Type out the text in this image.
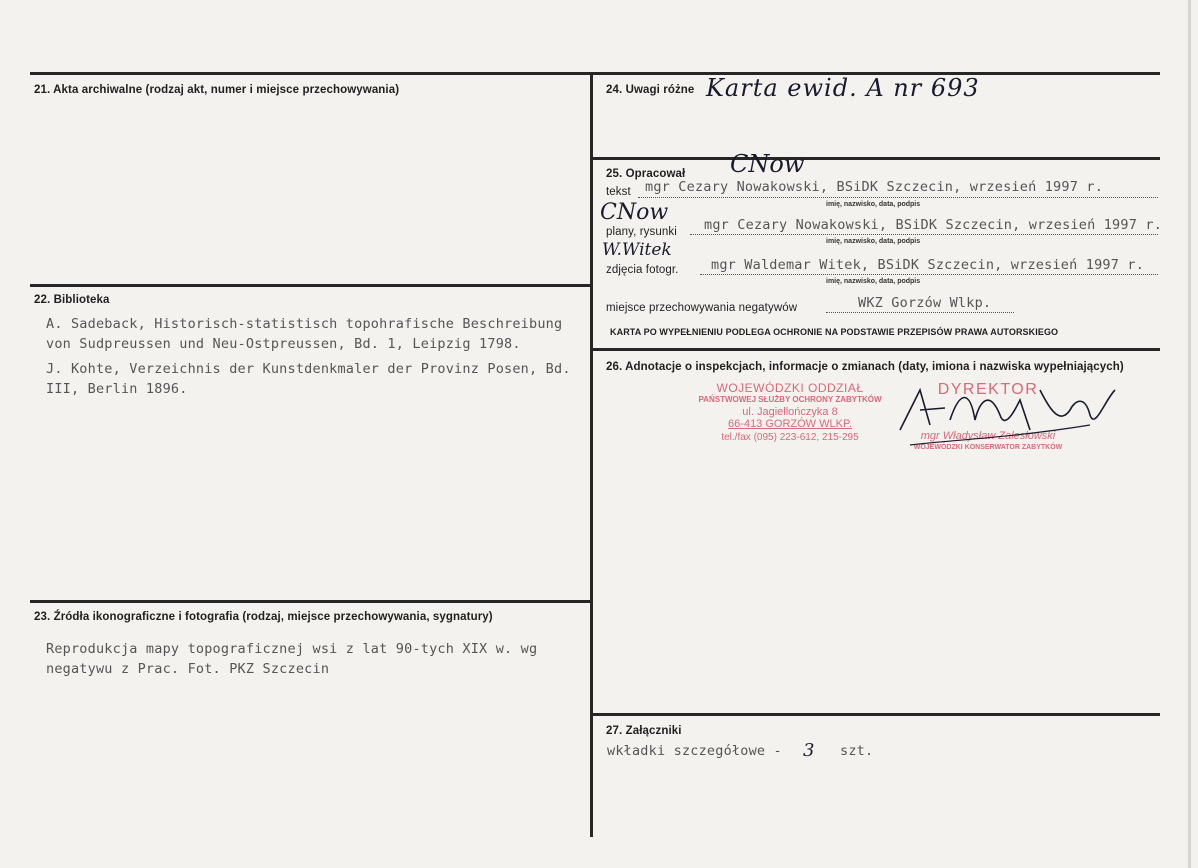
21. Akta archiwalne (rodzaj akt, numer i miejsce przechowywania)
22. Biblioteka

A. Sadeback, Historisch-statistisch topohrafische Beschreibung von Sudpreussen und Neu-Ostpreussen, Bd. 1, Leipzig 1798.

J. Kohte, Verzeichnis der Kunstdenkmaler der Provinz Posen, Bd. III, Berlin 1896.

23. Źródła ikonograficzne i fotografia (rodzaj, miejsce przechowywania, sygnatury)
Reprodukcja mapy topograficznej wsi z lat 90-tych XIX w. wg negatywu z Prac. Fot. PKZ Szczecin
24. Uwagi różne Karta ewid. A nr 693
25. Opracował CNow
tekst mgr Cezary Nowakowski, BSiDK Szczecin, wrzesień 1997 r.
imię, nazwisko, data, podpis
CNow
plany, rysunki mgr Cezary Nowakowski, BSiDK Szczecin, wrzesień 1997 r.
imię, nazwisko, data, podpis
W.Witek
zdjęcia fotogr. mgr Waldemar Witek, BSiDK Szczecin, wrzesień 1997 r.
imię, nazwisko, data, podpis
miejsce przechowywania negatywów	WKZ Gorzów Wlkp.
KARTA PO WYPEŁNIENIU PODLEGA OCHRONIE NA PODSTAWIE PRZEPISÓW PRAWA AUTORSKIEGO
26. Adnotacje o inspekcjach, informacje o zmianach (daty, imiona i nazwiska wypełniających)
WOJEWÓDZKI ODDZIAŁ
PAŃSTWOWEJ SŁUŻBY OCHRONY ZABYTKÓW
ul. Jagiellończyka 8
66-413 GORZÓW WLKP.
tel./fax (095) 223-612, 215-295
DYREKTOR
mgr Władysław Zalesłowski
WOJEWÓDZKI KONSERWATOR ZABYTKÓW
27. Załączniki
wkładki szczegółowe - 3 szt.
